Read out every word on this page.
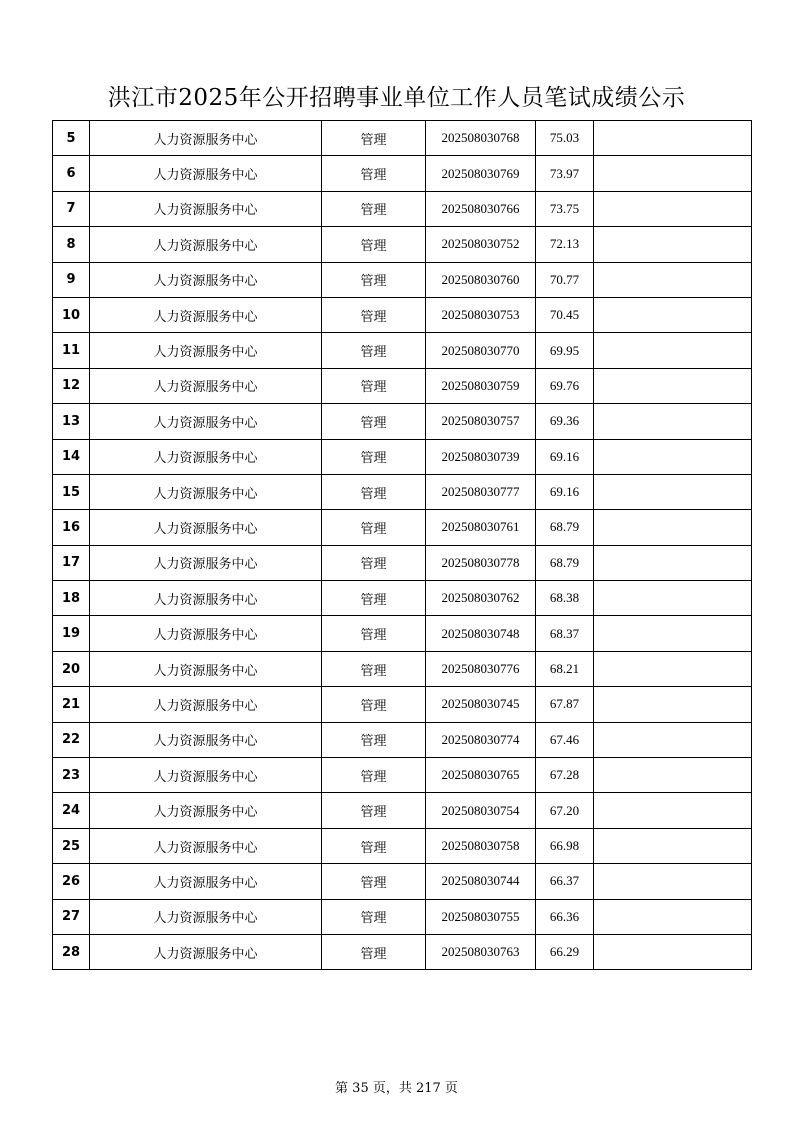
洪江市2025年公开招聘事业单位工作人员笔试成绩公示
5	人力资源服务中心	管理	202508030768	75.03	
6	人力资源服务中心	管理	202508030769	73.97	
7	人力资源服务中心	管理	202508030766	73.75	
8	人力资源服务中心	管理	202508030752	72.13	
9	人力资源服务中心	管理	202508030760	70.77	
10	人力资源服务中心	管理	202508030753	70.45	
11	人力资源服务中心	管理	202508030770	69.95	
12	人力资源服务中心	管理	202508030759	69.76	
13	人力资源服务中心	管理	202508030757	69.36	
14	人力资源服务中心	管理	202508030739	69.16	
15	人力资源服务中心	管理	202508030777	69.16	
16	人力资源服务中心	管理	202508030761	68.79	
17	人力资源服务中心	管理	202508030778	68.79	
18	人力资源服务中心	管理	202508030762	68.38	
19	人力资源服务中心	管理	202508030748	68.37	
20	人力资源服务中心	管理	202508030776	68.21	
21	人力资源服务中心	管理	202508030745	67.87	
22	人力资源服务中心	管理	202508030774	67.46	
23	人力资源服务中心	管理	202508030765	67.28	
24	人力资源服务中心	管理	202508030754	67.20	
25	人力资源服务中心	管理	202508030758	66.98	
26	人力资源服务中心	管理	202508030744	66.37	
27	人力资源服务中心	管理	202508030755	66.36	
28	人力资源服务中心	管理	202508030763	66.29	
第 35 页，共 217 页
